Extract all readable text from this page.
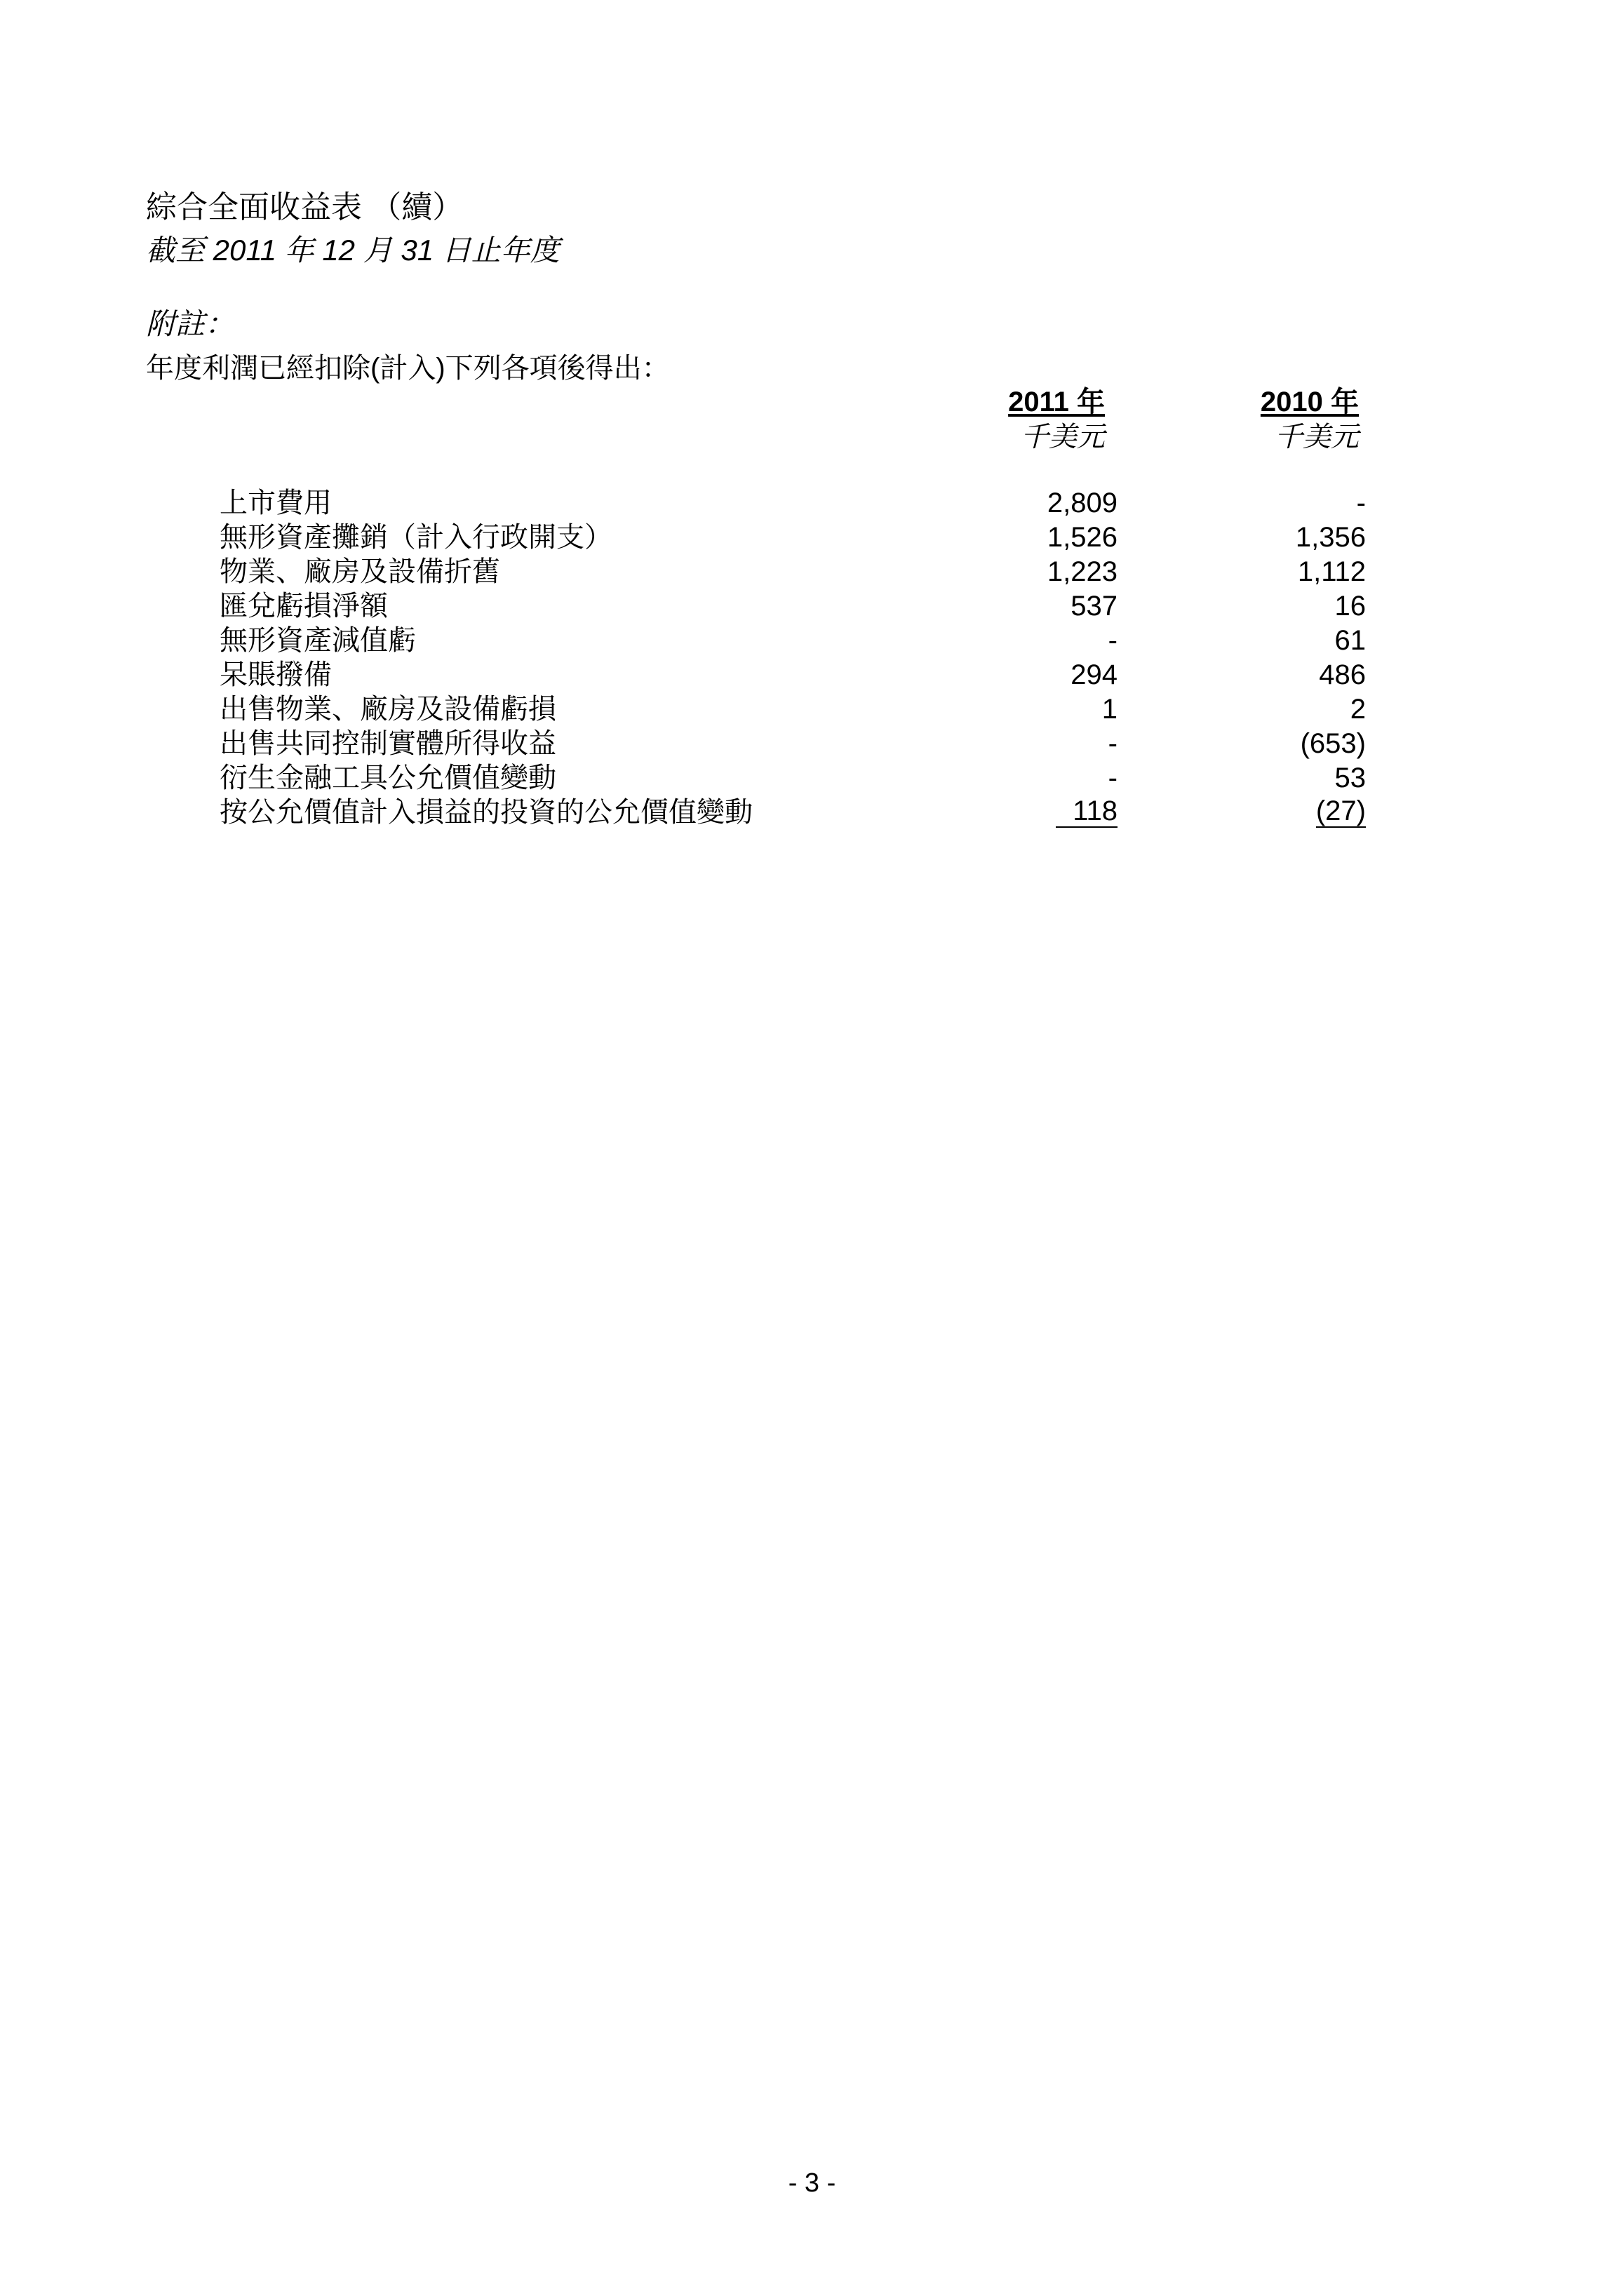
綜合全面收益表 （續）
截至 2011 年 12 月 31 日止年度
附註：
年度利潤已經扣除(計入)下列各項後得出：
2011 年
千美元
2010 年
千美元
上市費用	2,809	-
無形資產攤銷（計入行政開支）	1,526	1,356
物業、廠房及設備折舊	1,223	1,112
匯兌虧損淨額	537	16
無形資產減值虧	-	61
呆賬撥備	294	486
出售物業、廠房及設備虧損	1	2
出售共同控制實體所得收益	-	(653)
衍生金融工具公允價值變動	-	53
按公允價值計入損益的投資的公允價值變動	118	(27)
- 3 -
